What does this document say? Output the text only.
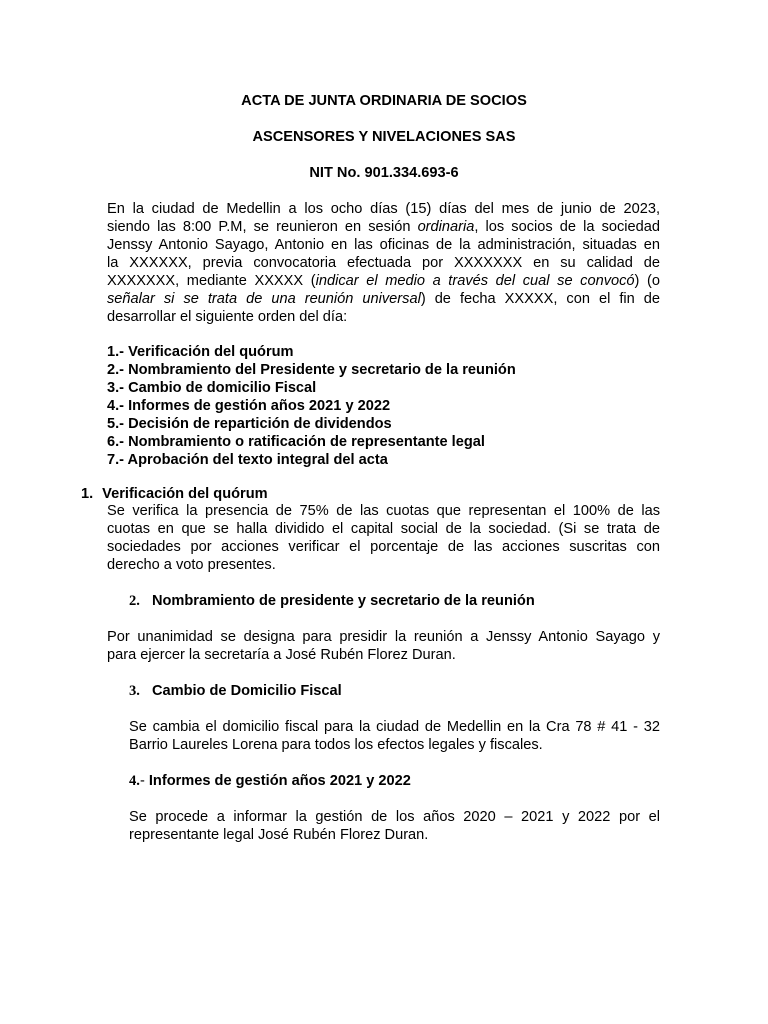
ACTA DE JUNTA ORDINARIA DE SOCIOS
ASCENSORES Y NIVELACIONES SAS
NIT No. 901.334.693-6
En la ciudad de Medellin a los ocho días (15) días del mes de junio de 2023,
siendo las 8:00 P.M, se reunieron en sesión ordinaria, los socios de la sociedad
Jenssy Antonio Sayago, Antonio en las oficinas de la administración, situadas en
la XXXXXX, previa convocatoria efectuada por XXXXXXX en su calidad de
XXXXXXX, mediante XXXXX (indicar el medio a través del cual se convocó) (o
señalar si se trata de una reunión universal) de fecha XXXXX, con el fin de
desarrollar el siguiente orden del día:
1.- Verificación del quórum
2.- Nombramiento del Presidente y secretario de la reunión
3.- Cambio de domicilio Fiscal
4.- Informes de gestión años 2021 y 2022
5.- Decisión de repartición de dividendos
6.- Nombramiento o ratificación de representante legal
7.- Aprobación del texto integral del acta
1. Verificación del quórum
Se verifica la presencia de 75% de las cuotas que representan el 100% de las
cuotas en que se halla dividido el capital social de la sociedad. (Si se trata de
sociedades por acciones verificar el porcentaje de las acciones suscritas con
derecho a voto presentes.
2. Nombramiento de presidente y secretario de la reunión
Por unanimidad se designa para presidir la reunión a Jenssy Antonio Sayago y
para ejercer la secretaría a José Rubén Florez Duran.
3. Cambio de Domicilio Fiscal
Se cambia el domicilio fiscal para la ciudad de Medellin en la Cra 78 # 41 - 32
Barrio Laureles Lorena para todos los efectos legales y fiscales.
4.- Informes de gestión años 2021 y 2022
Se procede a informar la gestión de los años 2020 – 2021 y 2022 por el
representante legal José Rubén Florez Duran.
